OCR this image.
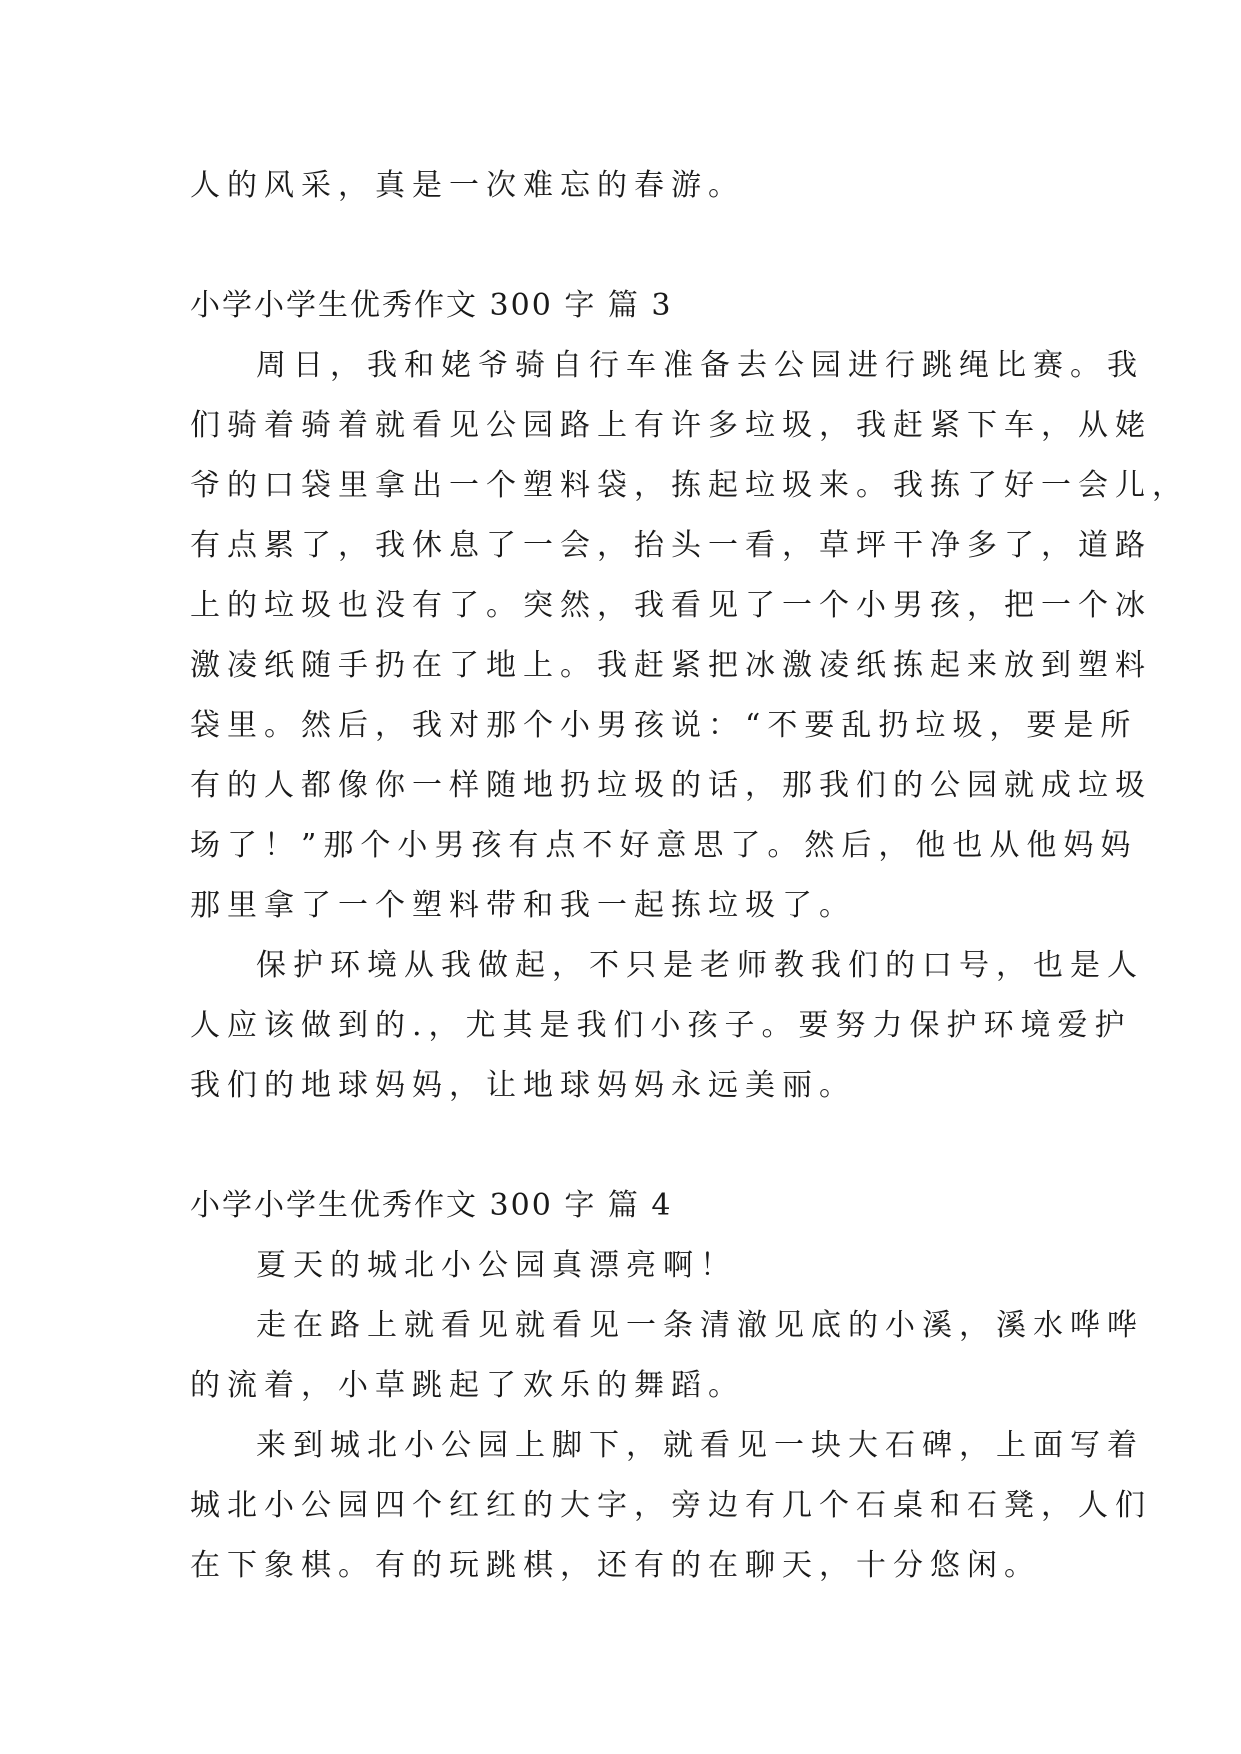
人的风采，真是一次难忘的春游。
小学小学生优秀作文 300 字 篇 3
周日，我和姥爷骑自行车准备去公园进行跳绳比赛。我
们骑着骑着就看见公园路上有许多垃圾，我赶紧下车，从姥
爷的口袋里拿出一个塑料袋，拣起垃圾来。我拣了好一会儿，
有点累了，我休息了一会，抬头一看，草坪干净多了，道路
上的垃圾也没有了。突然，我看见了一个小男孩，把一个冰
激凌纸随手扔在了地上。我赶紧把冰激凌纸拣起来放到塑料
袋里。然后，我对那个小男孩说：“不要乱扔垃圾，要是所
有的人都像你一样随地扔垃圾的话，那我们的公园就成垃圾
场了！”那个小男孩有点不好意思了。然后，他也从他妈妈
那里拿了一个塑料带和我一起拣垃圾了。
保护环境从我做起，不只是老师教我们的口号，也是人
人应该做到的.，尤其是我们小孩子。要努力保护环境爱护
我们的地球妈妈，让地球妈妈永远美丽。
小学小学生优秀作文 300 字 篇 4
夏天的城北小公园真漂亮啊！
走在路上就看见就看见一条清澈见底的小溪，溪水哗哗
的流着，小草跳起了欢乐的舞蹈。
来到城北小公园上脚下，就看见一块大石碑，上面写着
城北小公园四个红红的大字，旁边有几个石桌和石凳，人们
在下象棋。有的玩跳棋，还有的在聊天，十分悠闲。
